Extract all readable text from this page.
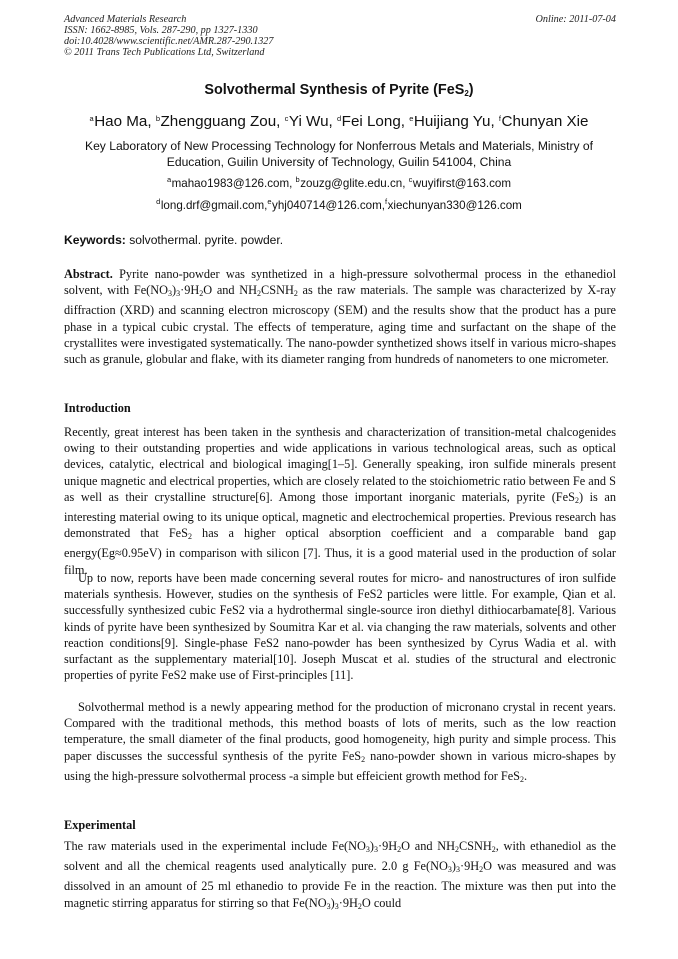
Advanced Materials Research
ISSN: 1662-8985, Vols. 287-290, pp 1327-1330
doi:10.4028/www.scientific.net/AMR.287-290.1327
© 2011 Trans Tech Publications Ltd, Switzerland
Online: 2011-07-04
Solvothermal Synthesis of Pyrite (FeS$_2$)
$^a$Hao Ma, $^b$Zhengguang Zou, $^c$Yi Wu, $^d$Fei Long, $^e$Huijiang Yu, $^f$Chunyan Xie
Key Laboratory of New Processing Technology for Nonferrous Metals and Materials, Ministry of Education, Guilin University of Technology, Guilin 541004, China
$^a$mahao1983@126.com, $^b$zouzg@glite.edu.cn, $^c$wuyifirst@163.com
$^d$long.drf@gmail.com,$^e$yhj040714@126.com,$^f$xiechunyan330@126.com
Keywords: solvothermal. pyrite. powder.

Abstract. Pyrite nano-powder was synthetized in a high-pressure solvothermal process in the ethanediol solvent, with $Fe(NO_3)_3\cdot 9H_2O$ and $NH_2CSNH_2$ as the raw materials. The sample was characterized by X-ray diffraction (XRD) and scanning electron microscopy (SEM) and the results show that the product has a pure phase in a typical cubic crystal. The effects of temperature, aging time and surfactant on the shape of the crystallites were investigated systematically. The nano-powder synthetized shows itself in various micro-shapes such as granule, globular and flake, with its diameter ranging from hundreds of nanometers to one micrometer.

Introduction

Recently, great interest has been taken in the synthesis and characterization of transition-metal chalcogenides owing to their outstanding properties and wide applications in various technological areas, such as optical devices, catalytic, electrical and biological imaging[1–5]. Generally speaking, iron sulfide minerals present unique magnetic and electrical properties, which are closely related to the stoichiometric ratio between Fe and S as well as their crystalline structure[6]. Among those important inorganic materials, pyrite (FeS$_2$) is an interesting material owing to its unique optical, magnetic and electrochemical properties. Previous research has demonstrated that FeS$_2$ has a higher optical absorption coefficient and a comparable band gap energy(Eg≈0.95eV) in comparison with silicon [7]. Thus, it is a good material used in the production of solar film.

Up to now, reports have been made concerning several routes for micro- and nanostructures of iron sulfide materials synthesis. However, studies on the synthesis of FeS2 particles were little. For example, Qian et al. successfully synthesized cubic FeS2 via a hydrothermal single-source iron diethyl dithiocarbamate[8]. Various kinds of pyrite have been synthesized by Soumitra Kar et al. via changing the raw materials, solvents and other reaction conditions[9]. Single-phase FeS2 nano-powder has been synthesized by Cyrus Wadia et al. with surfactant as the supplementary material[10]. Joseph Muscat et al. studies of the structural and electronic properties of pyrite FeS2 make use of First-principles [11].

Solvothermal method is a newly appearing method for the production of micronano crystal in recent years. Compared with the traditional methods, this method boasts of lots of merits, such as the low reaction temperature, the small diameter of the final products, good homogeneity, high purity and simple process. This paper discusses the successful synthesis of the pyrite FeS$_2$ nano-powder shown in various micro-shapes by using the high-pressure solvothermal process -a simple but effeicient growth method for FeS$_2$.

Experimental

The raw materials used in the experimental include $Fe(NO_3)_3\cdot 9H_2O$ and $NH_2CSNH_2$, with ethanediol as the solvent and all the chemical reagents used analytically pure. 2.0 g $Fe(NO_3)_3\cdot 9H_2O$ was measured and was dissolved in an amount of 25 ml ethanedio to provide Fe in the reaction. The mixture was then put into the magnetic stirring apparatus for stirring so that $Fe(NO_3)_3\cdot 9H_2O$ could
